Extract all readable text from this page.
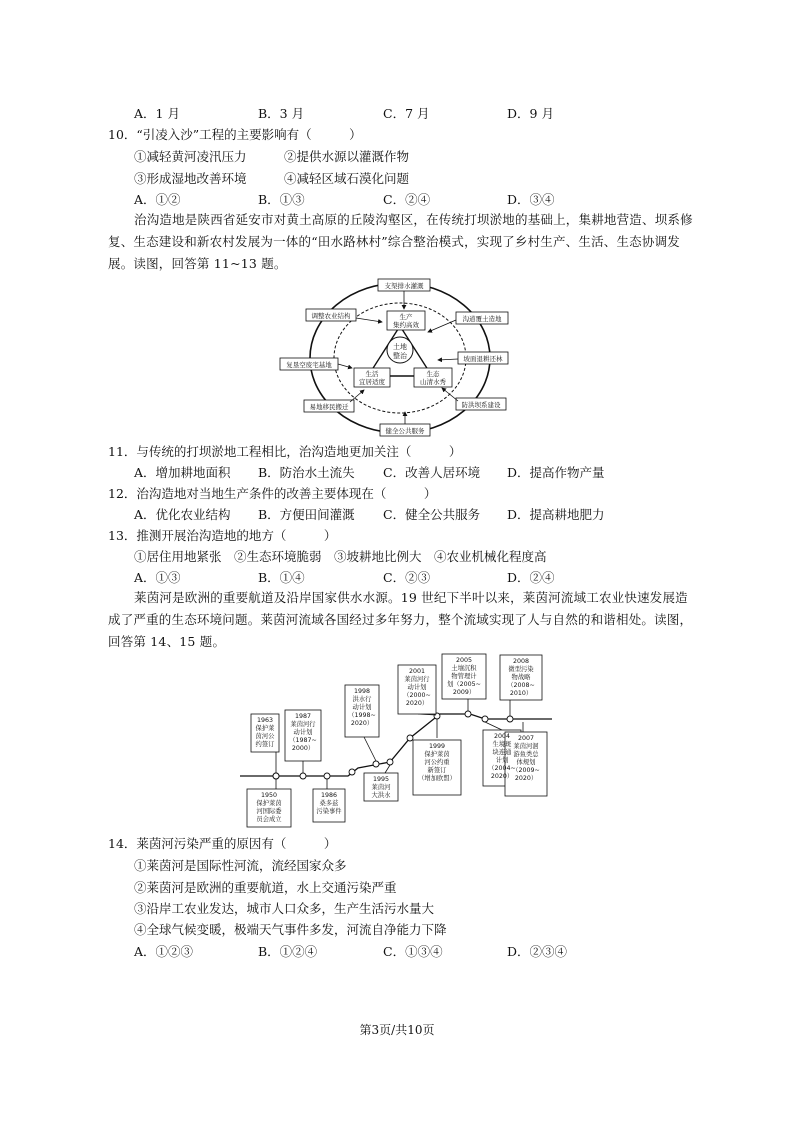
A．1 月	B．3 月	C．7 月	D．9 月
10．“引凌入沙”工程的主要影响有（　　　）
①减轻黄河凌汛压力	②提供水源以灌溉作物
③形成湿地改善环境	④减轻区域石漠化问题
A．①②	B．①③	C．②④	D．③④
治沟造地是陕西省延安市对黄土高原的丘陵沟壑区，在传统打坝淤地的基础上，集耕地营造、坝系修复、生态建设和新农村发展为一体的“田水路林村”综合整治模式，实现了乡村生产、生活、生态协调发展。读图，回答第 11~13 题。
土地
整治
生产
集约高效
生活
宜居适度
生态
山清水秀
支渠排水灌溉
沟道覆土造地
坡面退耕还林
防洪坝系建设
健全公共服务
易地移民搬迁
复垦空废宅基地
调整农业结构
11．与传统的打坝淤地工程相比，治沟造地更加关注（　　　）
A．增加耕地面积 B．防治水土流失 C．改善人居环境 D．提高作物产量
12．治沟造地对当地生产条件的改善主要体现在（　　　）
A．优化农业结构 B．方便田间灌溉 C．健全公共服务 D．提高耕地肥力
13．推测开展治沟造地的地方（　　　）
①居住用地紧张　②生态环境脆弱　③坡耕地比例大　④农业机械化程度高
A．①③	B．①④	C．②③	D．②④
莱茵河是欧洲的重要航道及沿岸国家供水水源。19 世纪下半叶以来，莱茵河流域工农业快速发展造成了严重的生态环境问题。莱茵河流域各国经过多年努力，整个流域实现了人与自然的和谐相处。读图，回答第 14、15 题。
1963
保护莱
茵河公
约签订
1950
保护莱茵
河国际委
员会成立
1987
莱茵河行
动计划
（1987~
2000）
1986
桑多兹
污染事件
1998
洪水行
动计划
（1998~
2020）
1995
莱茵河
大洪水
2001
莱茵河行
动计划
（2000~
2020）
1999
保护莱茵
河公约重
新签订
（增加欧盟）
2005
土壤沉积
物管理计
划（2005~
2009）
2004
生境斑
块连通
计划
（2004~
2020）
2008
微型污染
物战略
（2008~
2010）
2007
莱茵河洄
游鱼类总
体规划
（2009~
2020）
14．莱茵河污染严重的原因有（　　　）
①莱茵河是国际性河流，流经国家众多
②莱茵河是欧洲的重要航道，水上交通污染严重
③沿岸工农业发达，城市人口众多，生产生活污水量大
④全球气候变暖，极端天气事件多发，河流自净能力下降
A．①②③	B．①②④	C．①③④	D．②③④
第3页/共10页
